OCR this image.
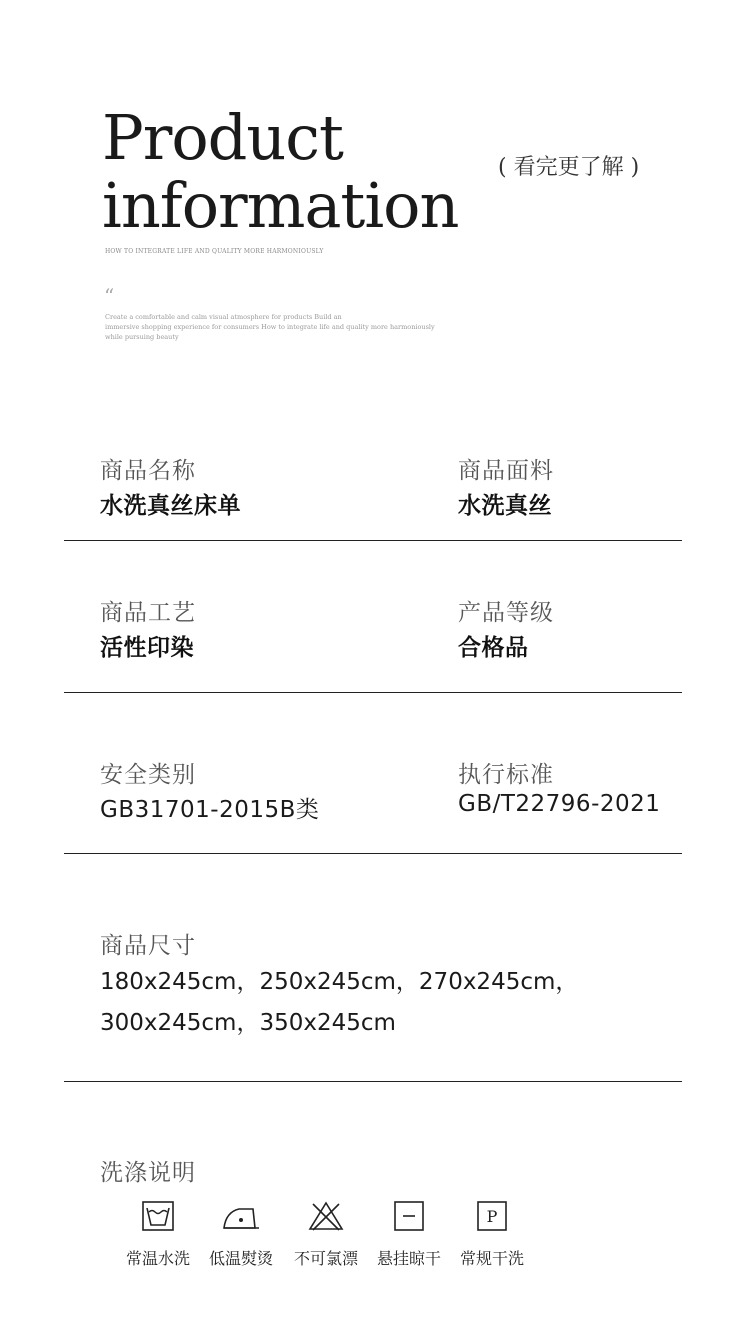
Product
information
( 看完更了解 )
HOW TO INTEGRATE LIFE AND QUALITY MORE HARMONIOUSLY
“
Create a comfortable and calm visual atmosphere for products Build an
immersive shopping experience for consumers How to integrate life and quality more harmoniously
while pursuing beauty
商品名称
水洗真丝床单
商品面料
水洗真丝
商品工艺
活性印染
产品等级
合格品
安全类别
GB31701-2015B类
执行标准
GB/T22796-2021
商品尺寸
180x245cm，250x245cm，270x245cm，
300x245cm，350x245cm
洗涤说明
常温水洗	低温熨烫	不可氯漂	悬挂晾干
P
常规干洗
